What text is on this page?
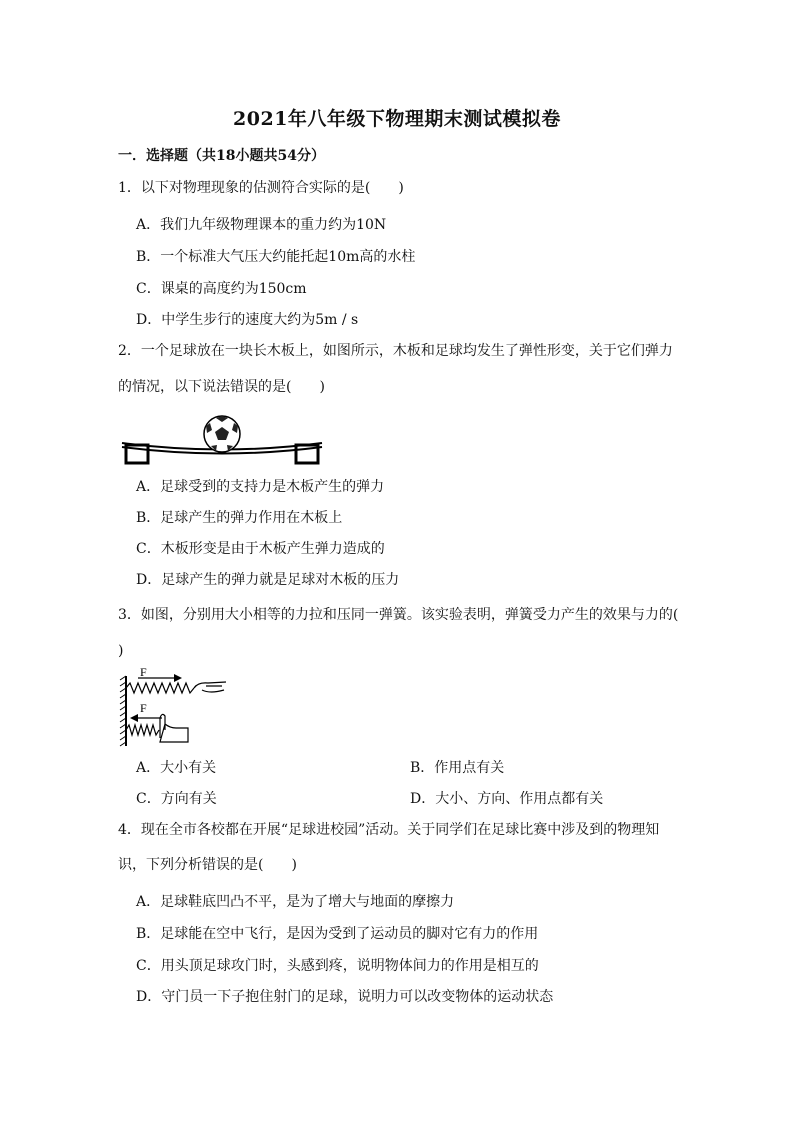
2021年八年级下物理期末测试模拟卷
一．选择题（共18小题共54分）
1．以下对物理现象的估测符合实际的是(　　)
A．我们九年级物理课本的重力约为10N
B．一个标准大气压大约能托起10m高的水柱
C．课桌的高度约为150cm
D．中学生步行的速度大约为5m / s
2．一个足球放在一块长木板上，如图所示，木板和足球均发生了弹性形变，关于它们弹力
的情况，以下说法错误的是(　　)
A．足球受到的支持力是木板产生的弹力
B．足球产生的弹力作用在木板上
C．木板形变是由于木板产生弹力造成的
D．足球产生的弹力就是足球对木板的压力
3．如图，分别用大小相等的力拉和压同一弹簧。该实验表明，弹簧受力产生的效果与力的(
)
F
F
A．大小有关	B．作用点有关
C．方向有关	D．大小、方向、作用点都有关
4．现在全市各校都在开展“足球进校园”活动。关于同学们在足球比赛中涉及到的物理知
识，下列分析错误的是(　　)
A．足球鞋底凹凸不平，是为了增大与地面的摩擦力
B．足球能在空中飞行，是因为受到了运动员的脚对它有力的作用
C．用头顶足球攻门时，头感到疼，说明物体间力的作用是相互的
D．守门员一下子抱住射门的足球，说明力可以改变物体的运动状态
